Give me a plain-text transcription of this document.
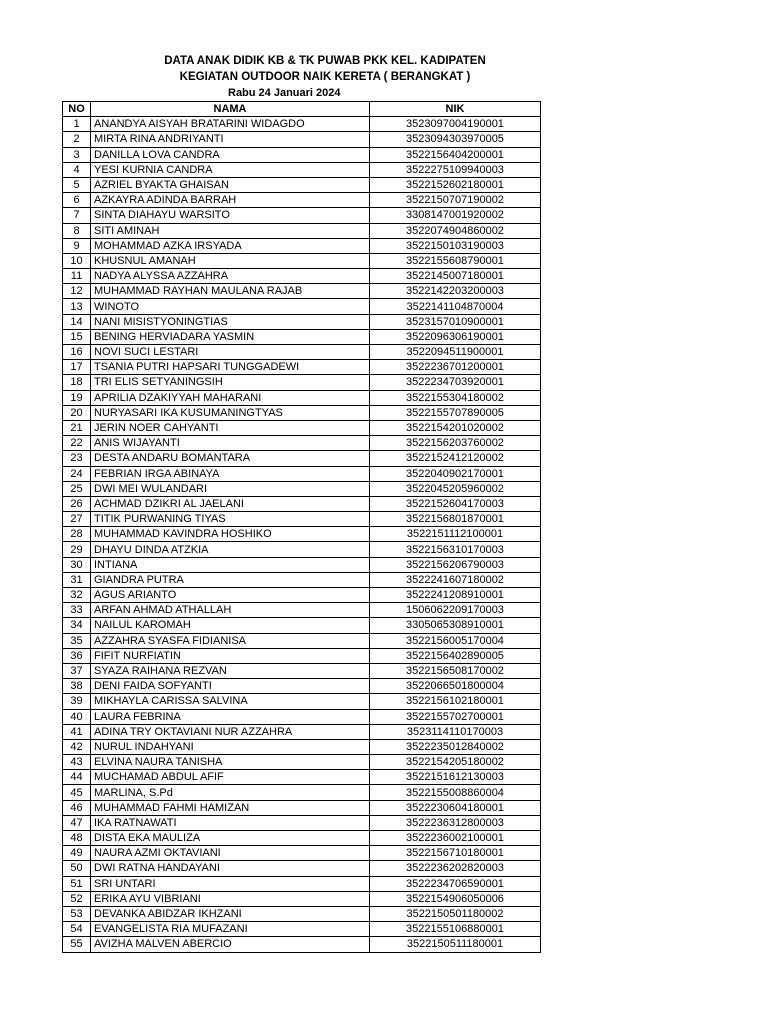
DATA ANAK DIDIK KB & TK PUWAB PKK KEL. KADIPATEN
KEGIATAN OUTDOOR NAIK KERETA ( BERANGKAT )
Rabu 24 Januari 2024
NO	NAMA	NIK
1	ANANDYA AISYAH BRATARINI WIDAGDO	3523097004190001
2	MIRTA RINA ANDRIYANTI	3523094303970005
3	DANILLA LOVA CANDRA	3522156404200001
4	YESI KURNIA CANDRA	3522275109940003
5	AZRIEL BYAKTA GHAISAN	3522152602180001
6	AZKAYRA ADINDA BARRAH	3522150707190002
7	SINTA DIAHAYU WARSITO	3308147001920002
8	SITI AMINAH	3522074904860002
9	MOHAMMAD AZKA IRSYADA	3522150103190003
10	KHUSNUL AMANAH	3522155608790001
11	NADYA ALYSSA AZZAHRA	3522145007180001
12	MUHAMMAD RAYHAN MAULANA RAJAB	3522142203200003
13	WINOTO	3522141104870004
14	NANI MISISTYONINGTIAS	3523157010900001
15	BENING HERVIADARA YASMIN	3522096306190001
16	NOVI SUCI LESTARI	3522094511900001
17	TSANIA PUTRI HAPSARI TUNGGADEWI	3522236701200001
18	TRI ELIS SETYANINGSIH	3522234703920001
19	APRILIA DZAKIYYAH MAHARANI	3522155304180002
20	NURYASARI IKA KUSUMANINGTYAS	3522155707890005
21	JERIN NOER CAHYANTI	3522154201020002
22	ANIS WIJAYANTI	3522156203760002
23	DESTA ANDARU BOMANTARA	3522152412120002
24	FEBRIAN IRGA ABINAYA	3522040902170001
25	DWI MEI WULANDARI	3522045205960002
26	ACHMAD DZIKRI AL JAELANI	3522152604170003
27	TITIK PURWANING TIYAS	3522156801870001
28	MUHAMMAD KAVINDRA HOSHIKO	3522151112100001
29	DHAYU DINDA ATZKIA	3522156310170003
30	INTIANA	3522156206790003
31	GIANDRA PUTRA	3522241607180002
32	AGUS ARIANTO	3522241208910001
33	ARFAN AHMAD ATHALLAH	1506062209170003
34	NAILUL KAROMAH	3305065308910001
35	AZZAHRA SYASFA FIDIANISA	3522156005170004
36	FIFIT NURFIATIN	3522156402890005
37	SYAZA RAIHANA REZVAN	3522156508170002
38	DENI FAIDA SOFYANTI	3522066501800004
39	MIKHAYLA CARISSA SALVINA	3522156102180001
40	LAURA FEBRINA	3522155702700001
41	ADINA TRY OKTAVIANI NUR AZZAHRA	3523114110170003
42	NURUL INDAHYANI	3522235012840002
43	ELVINA NAURA TANISHA	3522154205180002
44	MUCHAMAD ABDUL AFIF	3522151612130003
45	MARLINA, S.Pd	3522155008860004
46	MUHAMMAD FAHMI HAMIZAN	3522230604180001
47	IKA RATNAWATI	3522236312800003
48	DISTA EKA MAULIZA	3522236002100001
49	NAURA AZMI OKTAVIANI	3522156710180001
50	DWI RATNA HANDAYANI	3522236202820003
51	SRI UNTARI	3522234706590001
52	ERIKA AYU VIBRIANI	3522154906050006
53	DEVANKA ABIDZAR IKHZANI	3522150501180002
54	EVANGELISTA RIA MUFAZANI	3522155106880001
55	AVIZHA MALVEN ABERCIO	3522150511180001
